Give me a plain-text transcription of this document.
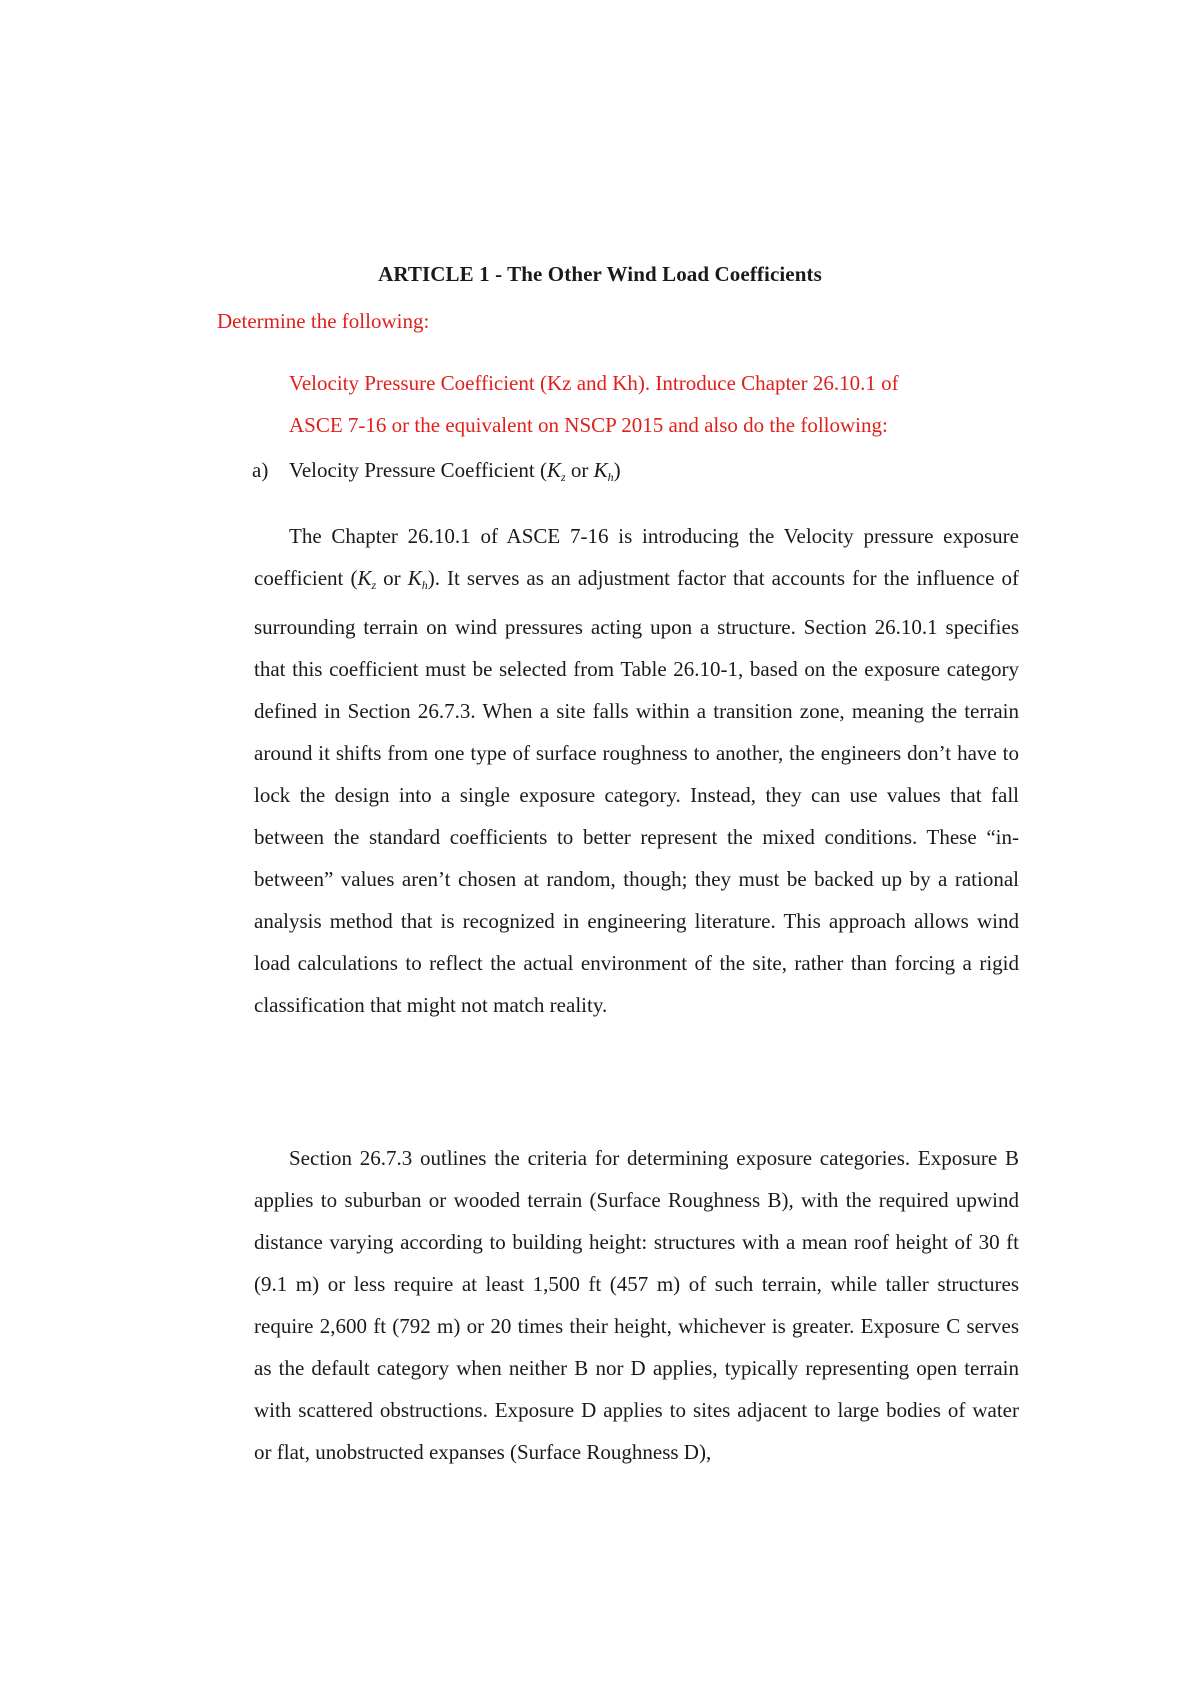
ARTICLE 1 - The Other Wind Load Coefficients
Determine the following:

Velocity Pressure Coefficient (Kz and Kh). Introduce Chapter 26.10.1 of
ASCE 7-16 or the equivalent on NSCP 2015 and also do the following:

a) Velocity Pressure Coefficient ($K_z$ or $K_h$)

The Chapter 26.10.1 of ASCE 7-16 is introducing the Velocity pressure exposure coefficient ($K_z$ or $K_h$). It serves as an adjustment factor that accounts for the influence of surrounding terrain on wind pressures acting upon a structure. Section 26.10.1 specifies that this coefficient must be selected from Table 26.10-1, based on the exposure category defined in Section 26.7.3. When a site falls within a transition zone, meaning the terrain around it shifts from one type of surface roughness to another, the engineers don’t have to lock the design into a single exposure category. Instead, they can use values that fall between the standard coefficients to better represent the mixed conditions. These “in-between” values aren’t chosen at random, though; they must be backed up by a rational analysis method that is recognized in engineering literature. This approach allows wind load calculations to reflect the actual environment of the site, rather than forcing a rigid classification that might not match reality.

Section 26.7.3 outlines the criteria for determining exposure categories. Exposure B applies to suburban or wooded terrain (Surface Roughness B), with the required upwind distance varying according to building height: structures with a mean roof height of 30 ft (9.1 m) or less require at least 1,500 ft (457 m) of such terrain, while taller structures require 2,600 ft (792 m) or 20 times their height, whichever is greater. Exposure C serves as the default category when neither B nor D applies, typically representing open terrain with scattered obstructions. Exposure D applies to sites adjacent to large bodies of water or flat, unobstructed expanses (Surface Roughness D),
